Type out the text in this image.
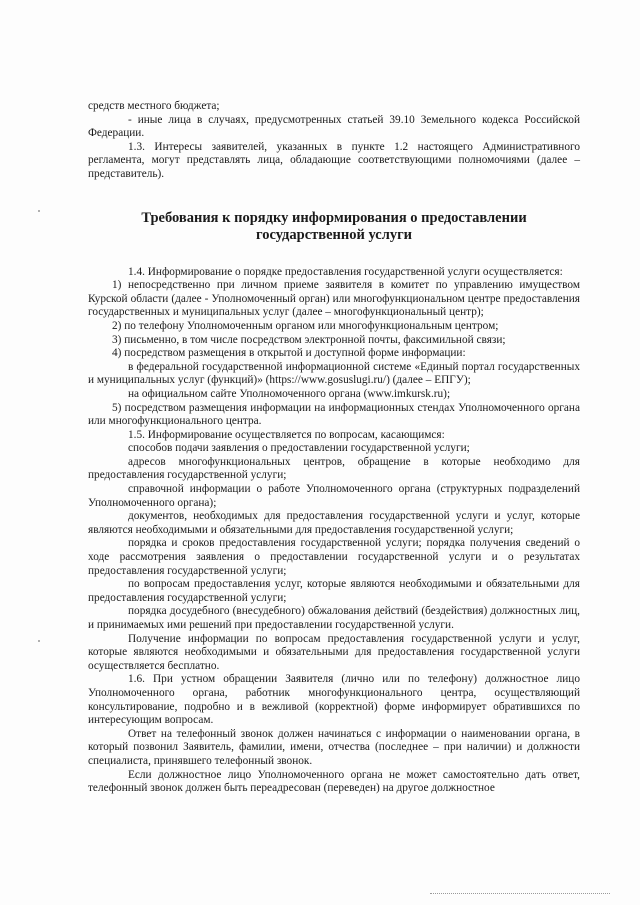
средств местного бюджета;

- иные лица в случаях, предусмотренных статьей 39.10 Земельного кодекса Российской Федерации.

1.3. Интересы заявителей, указанных в пункте 1.2 настоящего Административного регламента, могут представлять лица, обладающие соответствующими полномочиями (далее – представитель).

Требования к порядку информирования о предоставлении государственной услуги

1.4. Информирование о порядке предоставления государственной услуги осуществляется:

1) непосредственно при личном приеме заявителя в комитет по управлению имуществом Курской области (далее - Уполномоченный орган) или многофункциональном центре предоставления государственных и муниципальных услуг (далее – многофункциональный центр);

2) по телефону Уполномоченным органом или многофункциональным центром;

3) письменно, в том числе посредством электронной почты, факсимильной связи;

4) посредством размещения в открытой и доступной форме информации:

в федеральной государственной информационной системе «Единый портал государственных и муниципальных услуг (функций)» (https://www.gosuslugi.ru/) (далее – ЕПГУ);

на официальном сайте Уполномоченного органа (www.imkursk.ru);

5) посредством размещения информации на информационных стендах Уполномоченного органа или многофункционального центра.

1.5. Информирование осуществляется по вопросам, касающимся:

способов подачи заявления о предоставлении государственной услуги;

адресов многофункциональных центров, обращение в которые необходимо для предоставления государственной услуги;

справочной информации о работе Уполномоченного органа (структурных подразделений Уполномоченного органа);

документов, необходимых для предоставления государственной услуги и услуг, которые являются необходимыми и обязательными для предоставления государственной услуги;

порядка и сроков предоставления государственной услуги; порядка получения сведений о ходе рассмотрения заявления о предоставлении государственной услуги и о результатах предоставления государственной услуги;

по вопросам предоставления услуг, которые являются необходимыми и обязательными для предоставления государственной услуги;

порядка досудебного (внесудебного) обжалования действий (бездействия) должностных лиц, и принимаемых ими решений при предоставлении государственной услуги.

Получение информации по вопросам предоставления государственной услуги и услуг, которые являются необходимыми и обязательными для предоставления государственной услуги осуществляется бесплатно.

1.6. При устном обращении Заявителя (лично или по телефону) должностное лицо Уполномоченного органа, работник многофункционального центра, осуществляющий консультирование, подробно и в вежливой (корректной) форме информирует обратившихся по интересующим вопросам.

Ответ на телефонный звонок должен начинаться с информации о наименовании органа, в который позвонил Заявитель, фамилии, имени, отчества (последнее – при наличии) и должности специалиста, принявшего телефонный звонок.

Если должностное лицо Уполномоченного органа не может самостоятельно дать ответ, телефонный звонок должен быть переадресован (переведен) на другое должностное
